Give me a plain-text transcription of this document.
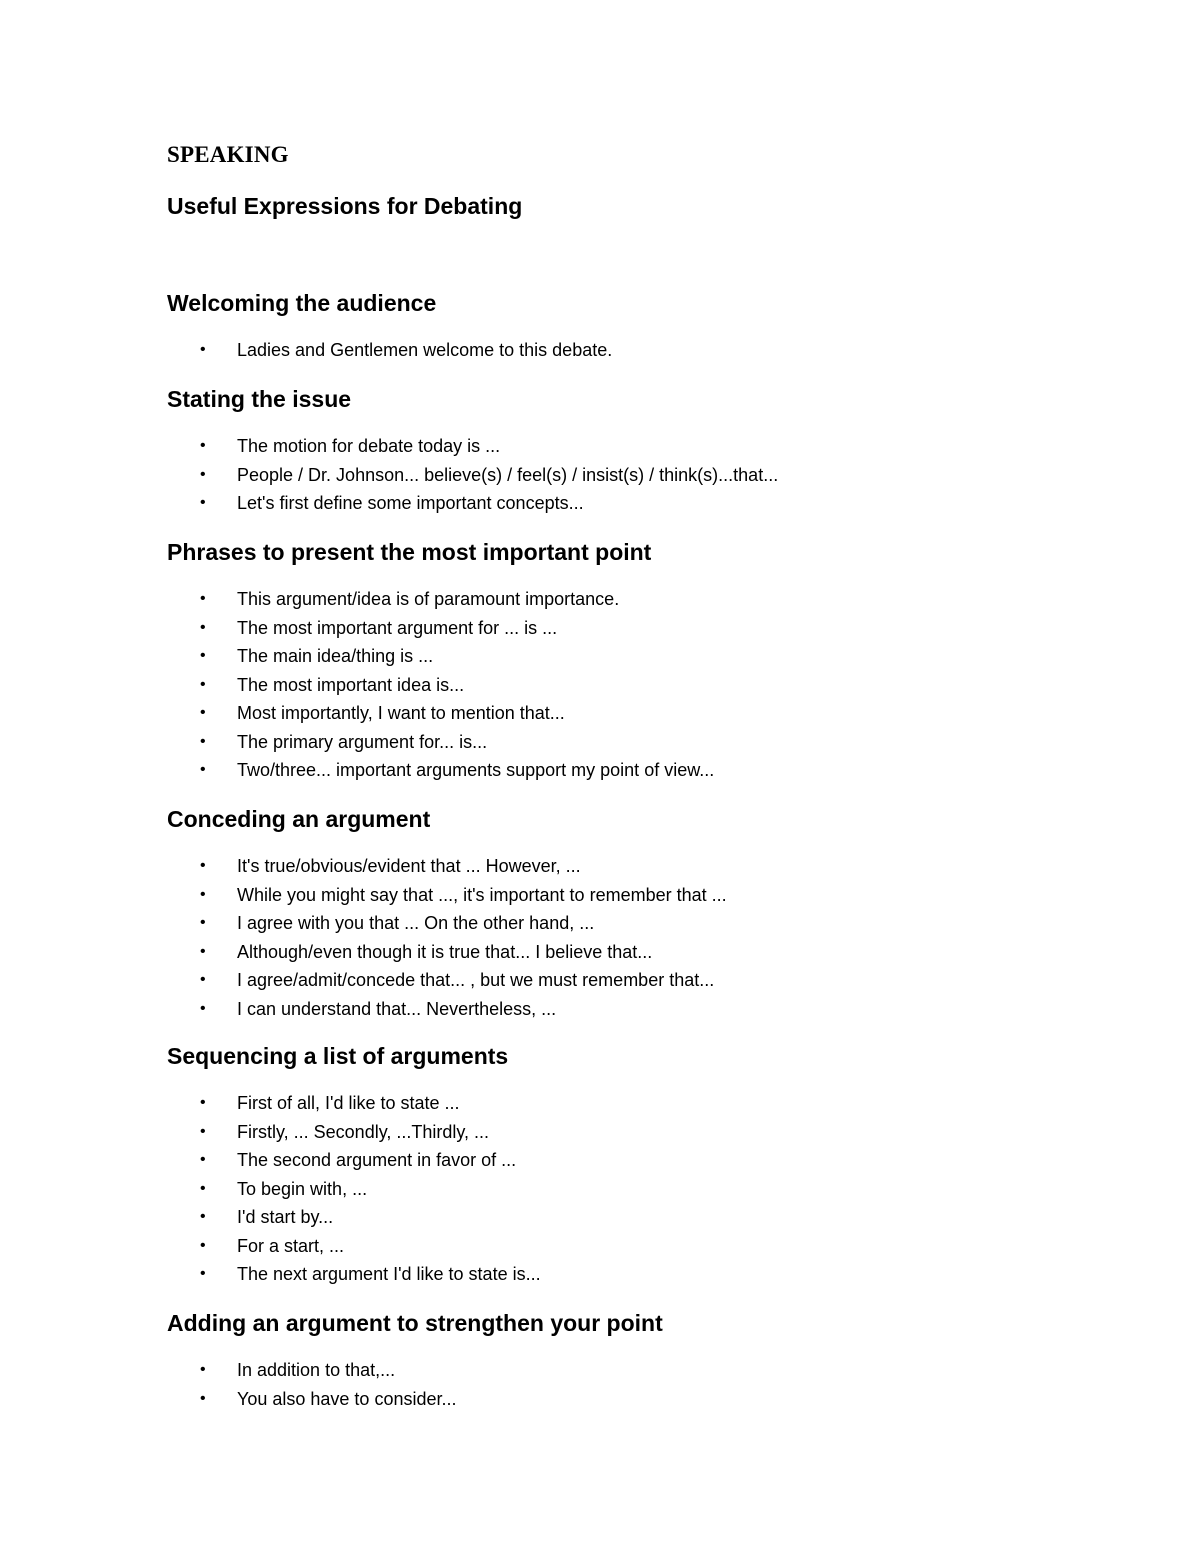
SPEAKING
Useful Expressions for Debating
Welcoming the audience
• Ladies and Gentlemen welcome to this debate.
Stating the issue
• The motion for debate today is ...
• People / Dr. Johnson... believe(s) / feel(s) / insist(s) / think(s)...that...
• Let's first define some important concepts...
Phrases to present the most important point
• This argument/idea is of paramount importance.
• The most important argument for ... is ...
• The main idea/thing is ...
• The most important idea is...
• Most importantly, I want to mention that...
• The primary argument for... is...
• Two/three... important arguments support my point of view...
Conceding an argument
• It's true/obvious/evident that ... However, ...
• While you might say that ..., it's important to remember that ...
• I agree with you that ... On the other hand, ...
• Although/even though it is true that... I believe that...
• I agree/admit/concede that... , but we must remember that...
• I can understand that... Nevertheless, ...
Sequencing a list of arguments
• First of all, I'd like to state ...
• Firstly, ... Secondly, ...Thirdly, ...
• The second argument in favor of ...
• To begin with, ...
• I'd start by...
• For a start, ...
• The next argument I'd like to state is...
Adding an argument to strengthen your point
• In addition to that,...
• You also have to consider...
